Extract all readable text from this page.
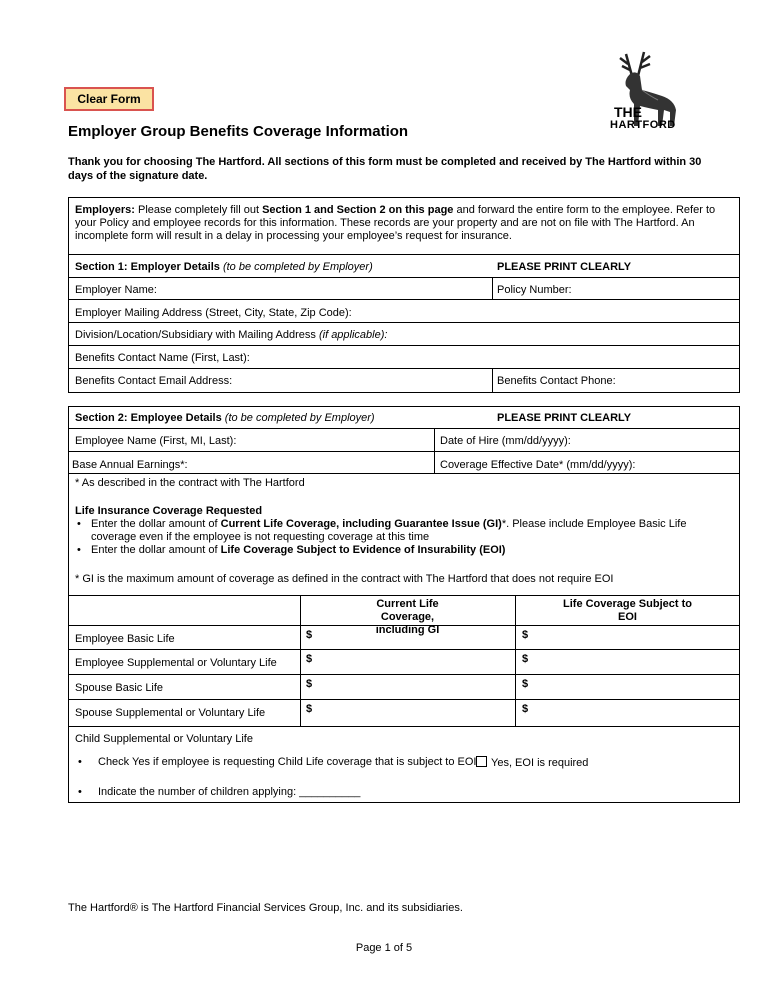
Clear Form
THE
HARTFORD
Employer Group Benefits Coverage Information
Thank you for choosing The Hartford. All sections of this form must be completed and received by The Hartford within 30 days of the signature date.
Employers: Please completely fill out Section 1 and Section 2 on this page and forward the entire form to the employee. Refer to your Policy and employee records for this information. These records are your property and are not on file with The Hartford. An incomplete form will result in a delay in processing your employee’s request for insurance.
Section 1: Employer Details (to be completed by Employer)	PLEASE PRINT CLEARLY
Employer Name:	Policy Number:
Employer Mailing Address (Street, City, State, Zip Code):
Division/Location/Subsidiary with Mailing Address (if applicable):
Benefits Contact Name (First, Last):
Benefits Contact Email Address:	Benefits Contact Phone:
Section 2: Employee Details (to be completed by Employer)	PLEASE PRINT CLEARLY
Employee Name (First, MI, Last):	Date of Hire (mm/dd/yyyy):
Base Annual Earnings*:	Coverage Effective Date* (mm/dd/yyyy):
* As described in the contract with The Hartford
Life Insurance Coverage Requested
• Enter the dollar amount of Current Life Coverage, including Guarantee Issue (GI)*. Please include Employee Basic Life coverage even if the employee is not requesting coverage at this time
• Enter the dollar amount of Life Coverage Subject to Evidence of Insurability (EOI)
* GI is the maximum amount of coverage as defined in the contract with The Hartford that does not require EOI
Current Life Coverage, including GI
Life Coverage Subject to EOI
Employee Basic Life	$	$
Employee Supplemental or Voluntary Life	$	$
Spouse Basic Life	$	$
Spouse Supplemental or Voluntary Life	$	$
Child Supplemental or Voluntary Life
• Check Yes if employee is requesting Child Life coverage that is subject to EOI	Yes, EOI is required
• Indicate the number of children applying: __________
The Hartford® is The Hartford Financial Services Group, Inc. and its subsidiaries.
Page 1 of 5
